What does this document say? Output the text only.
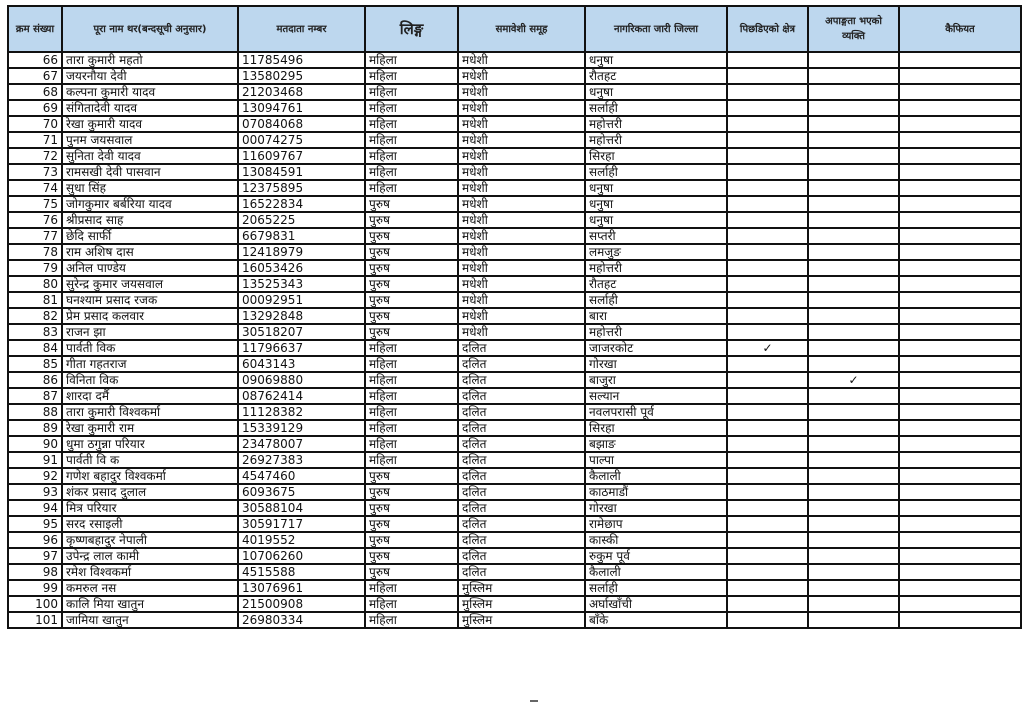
क्रम संख्या	पूरा नाम थर(बन्दसूची अनुसार)	मतदाता नम्बर	लिङ्ग	समावेशी समूह	नागरिकता जारी जिल्ला	पिछडिएको क्षेत्र	अपाङ्गता भएको व्यक्ति	कैफियत
66	तारा कुमारी महतो	11785496	महिला	मधेशी	धनुषा			
67	जयरनौया देवी	13580295	महिला	मधेशी	रौतहट			
68	कल्पना कुमारी यादव	21203468	महिला	मधेशी	धनुषा			
69	संगितादेवी यादव	13094761	महिला	मधेशी	सर्लाही			
70	रेखा कुमारी यादव	07084068	महिला	मधेशी	महोत्तरी			
71	पुनम जयसवाल	00074275	महिला	मधेशी	महोत्तरी			
72	सुनिता देवी यादव	11609767	महिला	मधेशी	सिरहा			
73	रामसखी देवी पासवान	13084591	महिला	मधेशी	सर्लाही			
74	सुधा सिंह	12375895	महिला	मधेशी	धनुषा			
75	जोगकुमार बर्बरिया यादव	16522834	पुरुष	मधेशी	धनुषा			
76	श्रीप्रसाद साह	2065225	पुरुष	मधेशी	धनुषा			
77	छेदि सार्फी	6679831	पुरुष	मधेशी	सप्तरी			
78	राम अशिष दास	12418979	पुरुष	मधेशी	लमजुङ			
79	अनिल पाण्डेय	16053426	पुरुष	मधेशी	महोत्तरी			
80	सुरेन्द्र कुमार जयसवाल	13525343	पुरुष	मधेशी	रौतहट			
81	घनश्याम प्रसाद रजक	00092951	पुरुष	मधेशी	सर्लाही			
82	प्रेम प्रसाद कलवार	13292848	पुरुष	मधेशी	बारा			
83	राजन झा	30518207	पुरुष	मधेशी	महोत्तरी			
84	पार्वती विक	11796637	महिला	दलित	जाजरकोट	✓		
85	गीता गहतराज	6043143	महिला	दलित	गोरखा			
86	विनिता विक	09069880	महिला	दलित	बाजुरा		✓	
87	शारदा दर्मै	08762414	महिला	दलित	सल्यान			
88	तारा कुमारी विश्वकर्मा	11128382	महिला	दलित	नवलपरासी पूर्व			
89	रेखा कुमारी राम	15339129	महिला	दलित	सिरहा			
90	धुमा ठगुन्ना परियार	23478007	महिला	दलित	बझाङ			
91	पार्वती वि क	26927383	महिला	दलित	पाल्पा			
92	गणेश बहादुर विश्वकर्मा	4547460	पुरुष	दलित	कैलाली			
93	शंकर प्रसाद दुलाल	6093675	पुरुष	दलित	काठमाडौं			
94	मित्र परियार	30588104	पुरुष	दलित	गोरखा			
95	सरद रसाइली	30591717	पुरुष	दलित	रामेछाप			
96	कृष्णबहादुर नेपाली	4019552	पुरुष	दलित	कास्की			
97	उपेन्द्र लाल कामी	10706260	पुरुष	दलित	रुकुम पूर्व			
98	रमेश विश्वकर्मा	4515588	पुरुष	दलित	कैलाली			
99	कमरुल नस	13076961	महिला	मुस्लिम	सर्लाही			
100	कालि मिया खातुन	21500908	महिला	मुस्लिम	अर्घाखाँची			
101	जामिया खातुन	26980334	महिला	मुस्लिम	बाँके			
